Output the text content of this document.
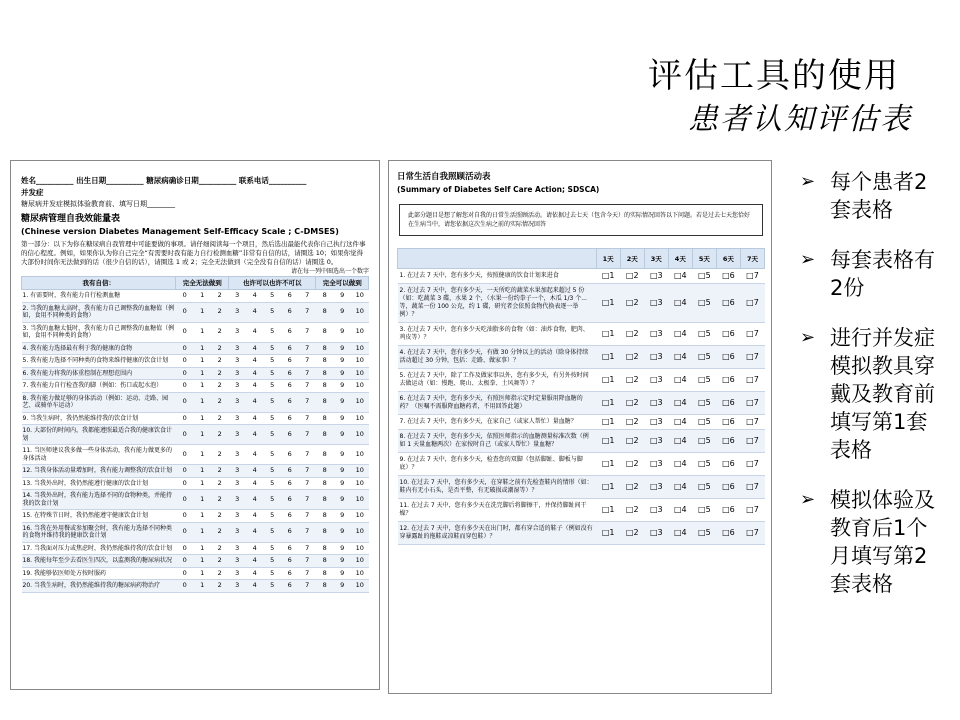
评估工具的使用
患者认知评估表
姓名__________ 出生日期__________ 糖尿病确诊日期__________ 联系电话__________
并发症
糖尿病并发症模拟体验教育前、填写日期________
糖尿病管理自我效能量表
(Chinese version Diabetes Management Self-Efficacy Scale ; C-DMSES)
第一部分：以下为你在糖尿病自我管理中可能要做的事项。请仔细阅读每一个项目，然后选出最能代表你自己执行这件事的信心程度。例如，如果你认为你自己完全“有需要时我有能力自行检测血糖”非常有自信的话，请圈选 10；如果你觉得大部份时间你无法做到的话（很少自信的话），请圈选 1 或 2；完全无法做到（完全没有自信的话）请圈选 0。
请在每一列中圈选出一个数字
我有自信：	完全无法做到			也许可以也许不可以					完全可以做到		
1. 有需要时，我有能力自行检测血糖	0	1	2	3	4	5	6	7	8	9	10
2. 当我的血糖太高时，我有能力自己调整我的血糖值（例如，食用不同种类的食物）	0	1	2	3	4	5	6	7	8	9	10
3. 当我的血糖太低时，我有能力自己调整我的血糖值（例如，食用不同种类的食物）	0	1	2	3	4	5	6	7	8	9	10
4. 我有能力选择最有利于我的健康的食物	0	1	2	3	4	5	6	7	8	9	10
5. 我有能力选择不同种类的食物来维持健康的饮食计划	0	1	2	3	4	5	6	7	8	9	10
6. 我有能力将我的体重控制在理想范围内	0	1	2	3	4	5	6	7	8	9	10
7. 我有能力自行检查我的脚（例如：伤口或起水泡）	0	1	2	3	4	5	6	7	8	9	10
8. 我有能力做足够的身体活动（例如：运动、走路、园艺、或骑单车运动）	0	1	2	3	4	5	6	7	8	9	10
9. 当我生病时，我仍然能维持我的饮食计划	0	1	2	3	4	5	6	7	8	9	10
10. 大部份的时间内，我都能遵照最适合我的健康饮食计划	0	1	2	3	4	5	6	7	8	9	10
11. 当医师建议我多做一些身体活动，我有能力做更多的身体活动	0	1	2	3	4	5	6	7	8	9	10
12. 当我身体活动量增加时，我有能力调整我的饮食计划	0	1	2	3	4	5	6	7	8	9	10
13. 当我外出时，我仍然能遵行健康的饮食计划	0	1	2	3	4	5	6	7	8	9	10
14. 当我外出时，我有能力选择不同的食物种类，并能持我的饮食计划	0	1	2	3	4	5	6	7	8	9	10
15. 在特殊节日时，我仍然能遵守健康饮食计划	0	1	2	3	4	5	6	7	8	9	10
16. 当我在外用餐或参加聚会时，我有能力选择不同种类的食物并维持我的健康饮食计划	0	1	2	3	4	5	6	7	8	9	10
17. 当我面对压力或焦虑时，我仍然能维持我的饮食计划	0	1	2	3	4	5	6	7	8	9	10
18. 我能每年至少去看医生四次，以监测我的糖尿病状况	0	1	2	3	4	5	6	7	8	9	10
19. 我能够依医师处方按时服药	0	1	2	3	4	5	6	7	8	9	10
20. 当我生病时，我仍然能维持我的糖尿病药物治疗	0	1	2	3	4	5	6	7	8	9	10
日常生活自我照顾活动表
(Summary of Diabetes Self Care Action; SDSCA)
此部分题目是想了解您对自我的日常生活照顾活动。请依据过去七天（包含今天）的实际情况回答以下问题。若是过去七天您恰好在生病当中，请您依据这次生病之前的实际情况回答
	1天	2天	3天	4天	5天	6天	7天
1. 在过去 7 天中，您有多少天，按照健康的饮食计划来进食	□1	□2	□3	□4	□5	□6	□7
2. 在过去 7 天中，您有多少天，一天所吃的蔬菜水果加起来超过 5 份（如：吃蔬菜 3 碟，水果 2 个，（水果一份约拳子一个，木瓜 1/3 个...等，蔬菜一份 100 公克，约 1 碟，研究者会依照食物代换表逐一举例）？	□1	□2	□3	□4	□5	□6	□7
3. 在过去 7 天中，您有多少天吃油脂多的食物（如：油炸食物，肥肉、鸡皮等）？	□1	□2	□3	□4	□5	□6	□7
4. 在过去 7 天中，您有多少天，有做 30 分钟以上的活动（除身体持续活动超过 30 分钟，包括：走路、做家事）？	□1	□2	□3	□4	□5	□6	□7
5. 在过去 7 天中，除了工作及做家事以外，您有多少天，有另外按时间去做运动（如：慢跑、爬山、太极拳、土风舞等）？	□1	□2	□3	□4	□5	□6	□7
6. 在过去 7 天中，您有多少天，有照医师指示定时定量服用降血糖的药？（医嘱不需服降血糖药者，不用回答此题）	□1	□2	□3	□4	□5	□6	□7
7. 在过去 7 天中，您有多少天，在家自己（或家人帮忙）量血糖？	□1	□2	□3	□4	□5	□6	□7
8. 在过去 7 天中，您有多少天，依照医师指示的血糖测量标准次数（例如 1 天量血糖两次）在家按时自己（或家人帮忙）量血糖？	□1	□2	□3	□4	□5	□6	□7
9. 在过去 7 天中，您有多少天，检查您的双脚（包括脚趾、脚板与脚底）？	□1	□2	□3	□4	□5	□6	□7
10. 在过去 7 天中，您有多少天，在穿鞋之前有先检查鞋内的情形（如：鞋内有无小石头，是否平整，有无破损或潮湿等）？	□1	□2	□3	□4	□5	□6	□7
11. 在过去 7 天中，您有多少天在洗完脚后将脚擦干，并保持脚趾间干燥？	□1	□2	□3	□4	□5	□6	□7
12. 在过去 7 天中，您有多少天在出门时，都有穿合适的鞋子（例如没有穿暴露趾的拖鞋或凉鞋而穿包鞋）？	□1	□2	□3	□4	□5	□6	□7
➢ 每个患者2套表格
➢ 每套表格有2份
➢ 进行并发症模拟教具穿戴及教育前填写第1套表格
➢ 模拟体验及教育后1个月填写第2套表格
